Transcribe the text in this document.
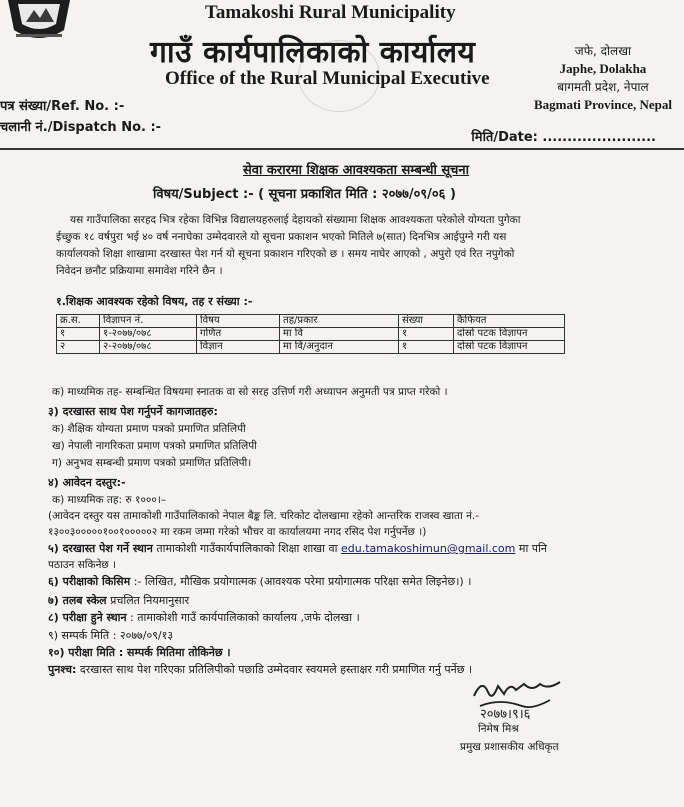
Tamakoshi Rural Municipality
गाउँ कार्यपालिकाको कार्यालय
Office of the Rural Municipal Executive
जफे, दोलखा
Japhe, Dolakha
बागमती प्रदेश, नेपाल
Bagmati Province, Nepal
पत्र संख्या/Ref. No. :-
चलानी नं./Dispatch No. :-
मिति/Date: .......................
सेवा करारमा शिक्षक आवश्यकता सम्बन्धी सूचना
विषय/Subject :- ( सूचना प्रकाशित मिति : २०७७/०९/०६ )
यस गाउँपालिका सरहद भित्र रहेका विभिन्न विद्यालयहरुलाई देहायको संख्यामा शिक्षक आवश्यकता परेकोले योग्यता पुगेका
ईच्छुक १८ वर्षपुरा भई ४० वर्ष ननाघेका उम्मेदवारले यो सूचना प्रकाशन भएको मितिले ७(सात) दिनभित्र आईपुग्ने गरी यस
कार्यालयको शिक्षा शाखामा दरखास्त पेश गर्न यो सूचना प्रकाशन गरिएको छ । समय नाघेर आएको , अपुरो एवं रित नपुगेको
निवेदन छनौट प्रक्रियामा समावेश गरिने छैन ।
१.शिक्षक आवश्यक रहेको विषय, तह र संख्या :-
क्र.स.	विज्ञापन नं.	विषय	तह/प्रकार	संख्या	कैफियत
१	१-२०७७/०७८	गणित	मा वि	१	दोस्रो पटक विज्ञापन
२	२-२०७७/०७८	विज्ञान	मा वि/अनुदान	१	दोस्रो पटक विज्ञापन
क) माध्यमिक तह- सम्बन्धित विषयमा स्नातक वा सो सरह उत्तिर्ण गरी अध्यापन अनुमती पत्र प्राप्त गरेको ।
३) दरखास्त साथ पेश गर्नुपर्ने कागजातहरु:
क) शैक्षिक योग्यता प्रमाण पत्रको प्रमाणित प्रतिलिपी
ख) नेपाली नागरिकता प्रमाण पत्रको प्रमाणित प्रतिलिपी
ग) अनुभव सम्बन्धी प्रमाण पत्रको प्रमाणित प्रतिलिपी।
४) आवेदन दस्तुर:-
क) माध्यमिक तह: रु १०००।–
(आवेदन दस्तुर यस तामाकोशी गाउँपालिकाको नेपाल बैङ्क लि. चरिकोट दोलखामा रहेको आन्तरिक राजस्व खाता नं.-
१३००३०००००१००१०००००२ मा रकम जम्मा गरेको भौचर वा कार्यालयमा नगद रसिद पेश गर्नुपर्नेछ ।)
५) दरखास्त पेश गर्ने स्थान तामाकोशी गाउँकार्यपालिकाको शिक्षा शाखा वा edu.tamakoshimun@gmail.com मा पनि
पठाउन सकिनेछ ।
६) परीक्षाको किसिम :- लिखित, मौखिक प्रयोगात्मक (आवश्यक परेमा प्रयोगात्मक परिक्षा समेत लिइनेछ।) ।
७) तलब स्केल प्रचलित नियमानुसार
८) परीक्षा हुने स्थान : तामाकोशी गाउँ कार्यपालिकाको कार्यालय ,जफे दोलखा ।
९) सम्पर्क मिति : २०७७/०९/१३
१०) परीक्षा मिति : सम्पर्क मितिमा तोकिनेछ ।
पुनश्च: दरखास्त साथ पेश गरिएका प्रतिलिपीको पछाडि उम्मेदवार स्वयमले हस्ताक्षर गरी प्रमाणित गर्नु पर्नेछ ।
२०७७।९।६
निमेष मिश्र
प्रमुख प्रशासकीय अधिकृत
